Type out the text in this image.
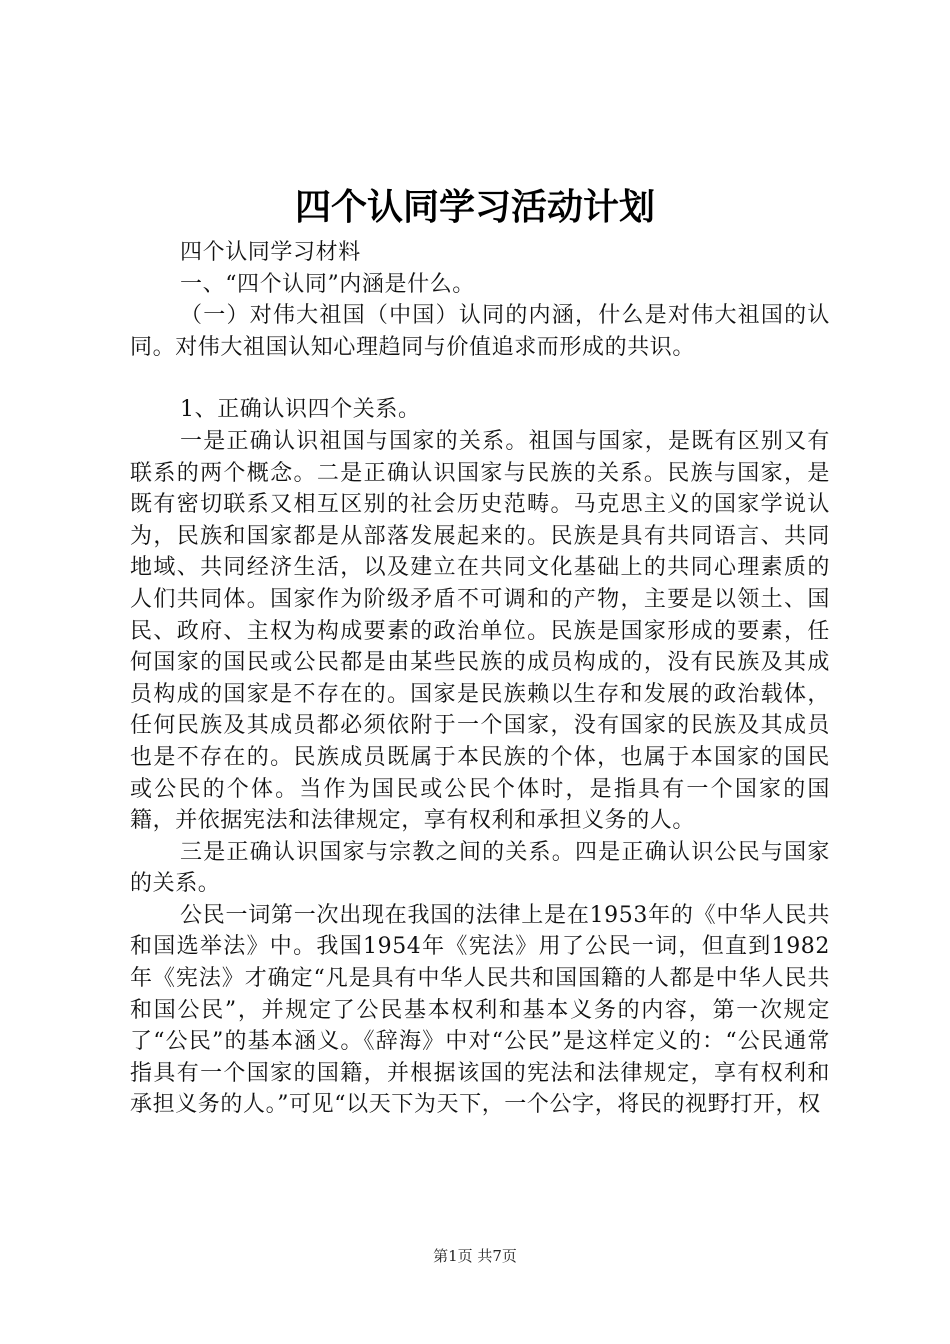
四个认同学习活动计划

四个认同学习材料

一、“四个认同”内涵是什么。

（一）对伟大祖国（中国）认同的内涵，什么是对伟大祖国的认同。对伟大祖国认知心理趋同与价值追求而形成的共识。

1、正确认识四个关系。

一是正确认识祖国与国家的关系。祖国与国家，是既有区别又有联系的两个概念。二是正确认识国家与民族的关系。民族与国家，是既有密切联系又相互区别的社会历史范畴。马克思主义的国家学说认为，民族和国家都是从部落发展起来的。民族是具有共同语言、共同地域、共同经济生活，以及建立在共同文化基础上的共同心理素质的人们共同体。国家作为阶级矛盾不可调和的产物，主要是以领土、国民、政府、主权为构成要素的政治单位。民族是国家形成的要素，任何国家的国民或公民都是由某些民族的成员构成的，没有民族及其成员构成的国家是不存在的。国家是民族赖以生存和发展的政治载体，任何民族及其成员都必须依附于一个国家，没有国家的民族及其成员也是不存在的。民族成员既属于本民族的个体，也属于本国家的国民或公民的个体。当作为国民或公民个体时，是指具有一个国家的国籍，并依据宪法和法律规定，享有权利和承担义务的人。

三是正确认识国家与宗教之间的关系。四是正确认识公民与国家的关系。

公民一词第一次出现在我国的法律上是在1953年的《中华人民共和国选举法》中。我国1954年《宪法》用了公民一词，但直到1982年《宪法》才确定“凡是具有中华人民共和国国籍的人都是中华人民共和国公民”，并规定了公民基本权利和基本义务的内容，第一次规定了“公民”的基本涵义。《辞海》中对“公民”是这样定义的：“公民通常指具有一个国家的国籍，并根据该国的宪法和法律规定，享有权利和承担义务的人。”可见“以天下为天下，一个公字，将民的视野打开，权

第1页 共7页
